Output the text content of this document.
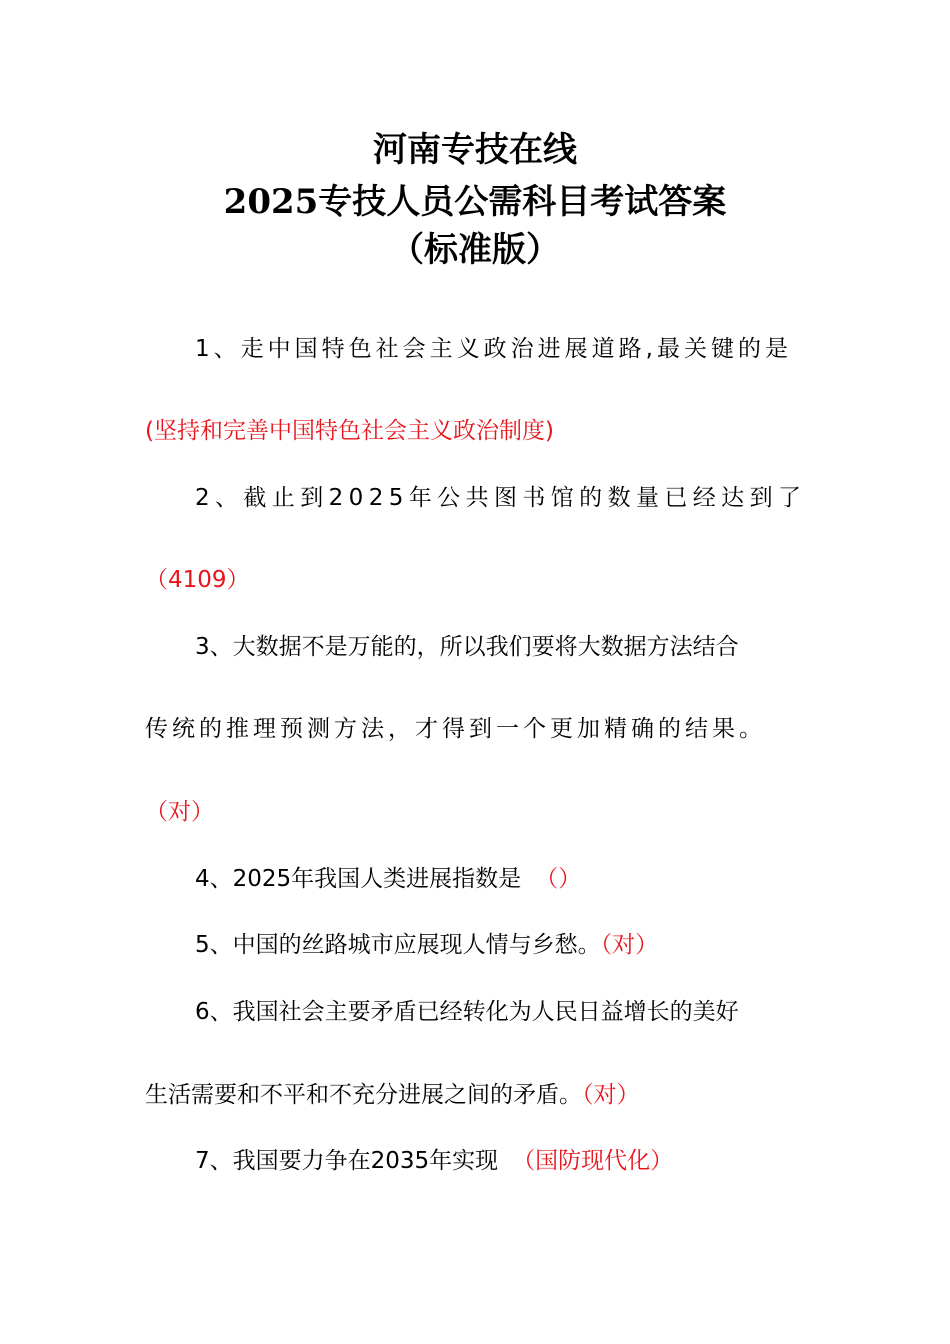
河南专技在线
2025专技人员公需科目考试答案
（标准版）

1、走中国特色社会主义政治进展道路,最关键的是

(坚持和完善中国特色社会主义政治制度)

2、截止到2025年公共图书馆的数量已经达到了

（4109）

3、大数据不是万能的，所以我们要将大数据方法结合

传统的推理预测方法，才得到一个更加精确的结果。

（对）

4、2025年我国人类进展指数是 （）

5、中国的丝路城市应展现人情与乡愁。（对）

6、我国社会主要矛盾已经转化为人民日益增长的美好

生活需要和不平和不充分进展之间的矛盾。（对）

7、我国要力争在2035年实现 （国防现代化）
